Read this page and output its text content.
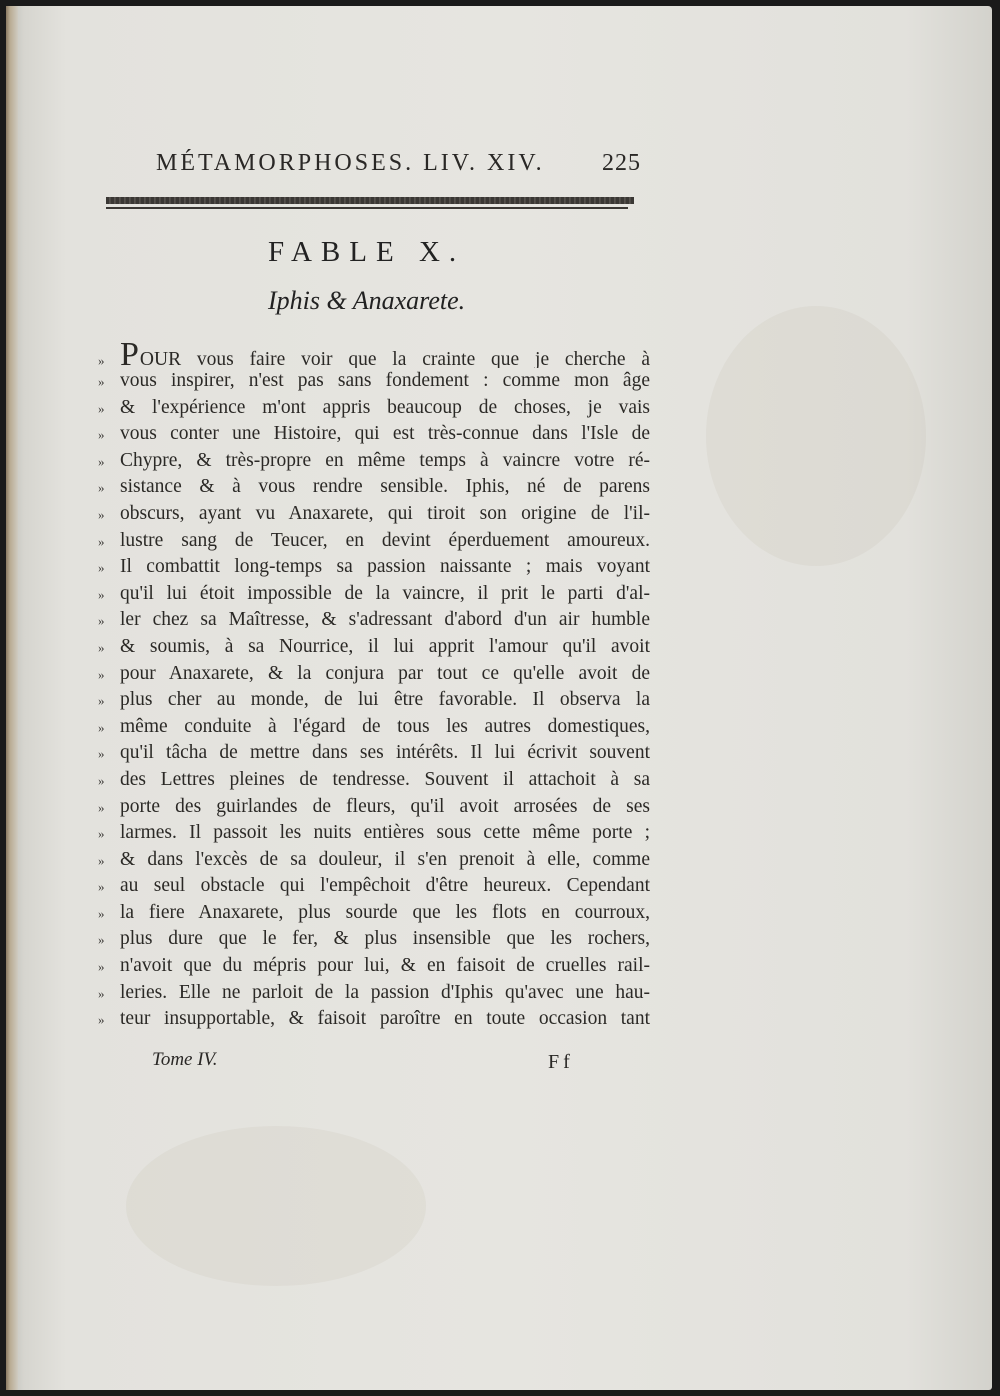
MÉTAMORPHOSES. LIV. XIV. 225
FABLE X.
Iphis & Anaxarete.
» POUR vous faire voir que la crainte que je cherche à
» vous inspirer, n'est pas sans fondement : comme mon âge
» & l'expérience m'ont appris beaucoup de choses, je vais
» vous conter une Histoire, qui est très-connue dans l'Isle de
» Chypre, & très-propre en même temps à vaincre votre ré-
» sistance & à vous rendre sensible. Iphis, né de parens
» obscurs, ayant vu Anaxarete, qui tiroit son origine de l'il-
» lustre sang de Teucer, en devint éperduement amoureux.
» Il combattit long-temps sa passion naissante ; mais voyant
» qu'il lui étoit impossible de la vaincre, il prit le parti d'al-
» ler chez sa Maîtresse, & s'adressant d'abord d'un air humble
» & soumis, à sa Nourrice, il lui apprit l'amour qu'il avoit
» pour Anaxarete, & la conjura par tout ce qu'elle avoit de
» plus cher au monde, de lui être favorable. Il observa la
» même conduite à l'égard de tous les autres domestiques,
» qu'il tâcha de mettre dans ses intérêts. Il lui écrivit souvent
» des Lettres pleines de tendresse. Souvent il attachoit à sa
» porte des guirlandes de fleurs, qu'il avoit arrosées de ses
» larmes. Il passoit les nuits entières sous cette même porte ;
» & dans l'excès de sa douleur, il s'en prenoit à elle, comme
» au seul obstacle qui l'empêchoit d'être heureux. Cependant
» la fiere Anaxarete, plus sourde que les flots en courroux,
» plus dure que le fer, & plus insensible que les rochers,
» n'avoit que du mépris pour lui, & en faisoit de cruelles rail-
» leries. Elle ne parloit de la passion d'Iphis qu'avec une hau-
» teur insupportable, & faisoit paroître en toute occasion tant
Tome IV.	Ff
